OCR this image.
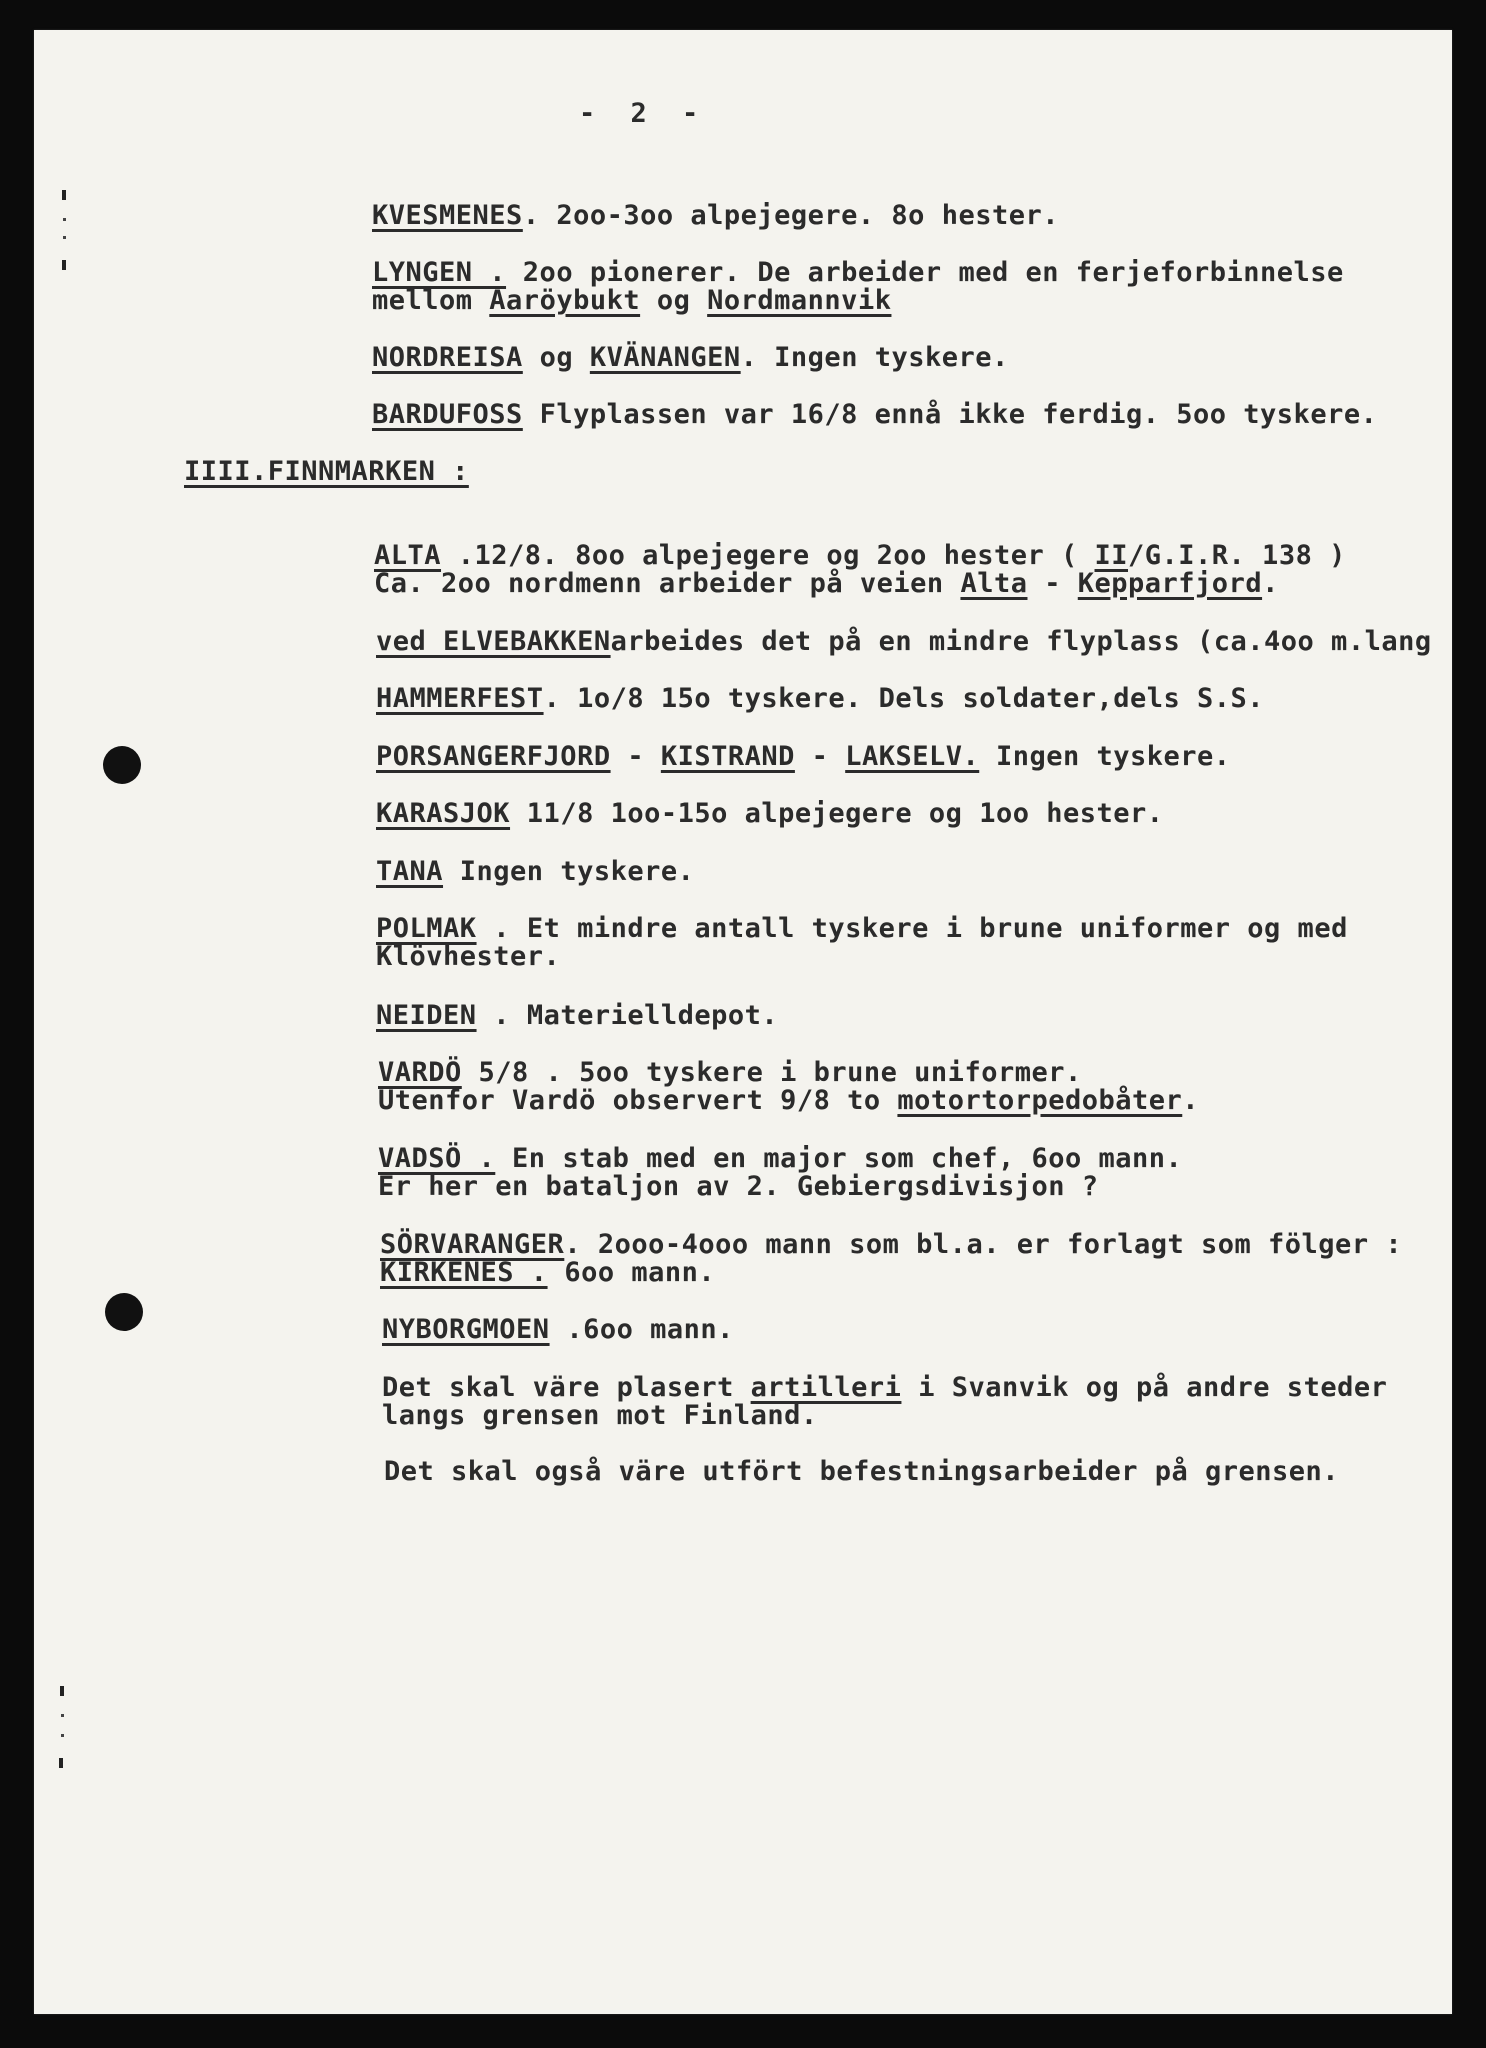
- 2 -
KVESMENES. 2oo-3oo alpejegere. 8o hester.
LYNGEN . 2oo pionerer. De arbeider med en ferjeforbinnelse
mellom Aaröybukt og Nordmannvik
NORDREISA og KVÄNANGEN. Ingen tyskere.
BARDUFOSS Flyplassen var 16/8 ennå ikke ferdig. 5oo tyskere.
IIII.FINNMARKEN :
ALTA .12/8. 8oo alpejegere og 2oo hester ( II/G.I.R. 138 )
Ca. 2oo nordmenn arbeider på veien Alta - Kepparfjord.
ved ELVEBAKKENarbeides det på en mindre flyplass (ca.4oo m.lang
HAMMERFEST. 1o/8 15o tyskere. Dels soldater,dels S.S.
PORSANGERFJORD - KISTRAND - LAKSELV. Ingen tyskere.
KARASJOK 11/8 1oo-15o alpejegere og 1oo hester.
TANA Ingen tyskere.
POLMAK . Et mindre antall tyskere i brune uniformer og med
Klövhester.
NEIDEN . Materielldepot.
VARDÖ 5/8 . 5oo tyskere i brune uniformer.
Utenfor Vardö observert 9/8 to motortorpedobåter.
VADSÖ . En stab med en major som chef, 6oo mann.
Er her en bataljon av 2. Gebiergsdivisjon ?
SÖRVARANGER. 2ooo-4ooo mann som bl.a. er forlagt som fölger :
KIRKENES . 6oo mann.
NYBORGMOEN .6oo mann.
Det skal väre plasert artilleri i Svanvik og på andre steder
langs grensen mot Finland.
Det skal også väre utfört befestningsarbeider på grensen.
